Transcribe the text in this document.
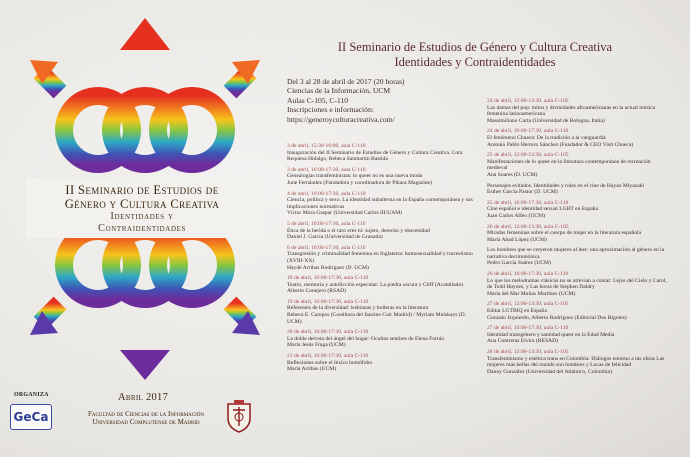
II Seminario de Estudios de
Género y Cultura Creativa
Identidades y
Contraidentidades
ORGANIZA
GeCa
Abril 2017
Facultad de Ciencias de la Información
Universidad Complutense de Madrid
II Seminario de Estudios de Género y Cultura Creativa
Identidades y Contraidentidades
Del 3 al 28 de abril de 2017 (20 horas)
Ciencias de la Información, UCM
Aulas C-105, C-110
Inscripciones e información:
https://generoyculturacreativa.com/
3 de abril, 15:30-16:00, aula C-110
Inauguración del II Seminario de Estudios de Género y Cultura Creativa. Cora Requena Hidalgo, Rebeca Sanmartín Bastida
3 de abril, 16:00-17:30, aula C-110
Genealogías transfeministas: lo queer no es una nueva moda
June Fernández (Fundadora y coordinadora de Pikara Magazine)
4 de abril, 16:00-17:30, aula C-110
Ciencia, política y sexo. La identidad subalterna en la España contemporánea y sus implicaciones normativas
Víctor Mora Gaspar (Universidad Carlos III/UAM)
5 de abril, 16:00-17:30, aula C-110
Ética de la herida o el raro eres tú: sujeto, derecho y obscenidad
Daniel J. García (Universidad de Granada)
6 de abril, 16:00-17:30, aula C-110
Transgresión y criminalidad femenina en Inglaterra: homosexualidad y travestismo (XVIII-XX)
Haydé Arribas Rodríguez (D. UCM)
18 de abril, 16:00-17:30, aula C-110
Teatro, memoria y autoficción especular: La piedra oscura y Cliff (Acantilado)
Alberto Conejero (RSAD)
19 de abril, 16:00-17:30, aula C-110
Referentes de la diversidad: lesbianas y bolleras en la literatura
Rebeca E. Campos (Coeditora del fanzine Cuir Madrid) / Myriam Mulskays (D. UCM)
20 de abril, 16:00-17:30, aula C-110
La doble derrota del ángel del hogar: Ocultos sentires de Elena Fortún
María Jesús Fraga (UCM)
21 de abril, 16:00-17:30, aula C-110
Reflexiones sobre el léxico homófobo
María Arribas (UCM)
24 de abril, 12:00-13:30, aula C-105
Las damas del pop: mitos y divinidades afroamericanas en la actual música femenina latinoamericana
Massimiliano Carta (Universidad de Bologna, Italia)
24 de abril, 16:00-17:30, aula C-110
El fenómeno Chueca: De la tradición a la vanguardia
Antonio Pablo Herrero Sánchez (Fundador & CEO Visit Chueca)
25 de abril, 12:00-13:30, aula C-105
Manifestaciones de lo queer en la literatura contemporánea de recreación medieval
Ana Soares (D. UCM)
Personajes evitados. Identidades y roles en el cine de Hayao Miyazaki
Esther García Pastor (D. UCM)
25 de abril, 16:00-17:30, aula C-110
Cine español e identidad sexual LGBT en España
Juan Carlos Alfeo (UCM)
26 de abril, 12:00-13:30, aula C-105
Miradas femeninas sobre el cuerpo de mujer en la literatura española
María Abad López (UCM)
Los hombres que se creyeron mujeres al leer: una aproximación al género en la narrativa decimonónica
Pedro García Suárez (UCM)
26 de abril, 16:00-17:30, aula C-110
Lo que los melodramas clásicos no se atrevían a contar: Lejos del Cielo y Carol, de Todd Haynes, y Las horas de Stephen Daldry
María del Mar Muñas Martínez (UCM)
27 de abril, 12:00-13:30, aula C-105
Editar LGTBIQ en España
Gonzalo Izquierdo, Alberto Rodríguez (Editorial Dos Bigotes)
27 de abril, 16:00-17:30, aula C-110
Identidad transgénero y santidad queer en la Edad Media
Ana Contreras Elvira (RESAD)
28 de abril, 12:00-13:30, aula C-105
Transfeminismo y estética trans en Colombia: Diálogos entorno a las obras Las mujeres más bellas del mundo son hombres y Locas de felicidad
Danny González (Universidad del Atlántico, Colombia)
